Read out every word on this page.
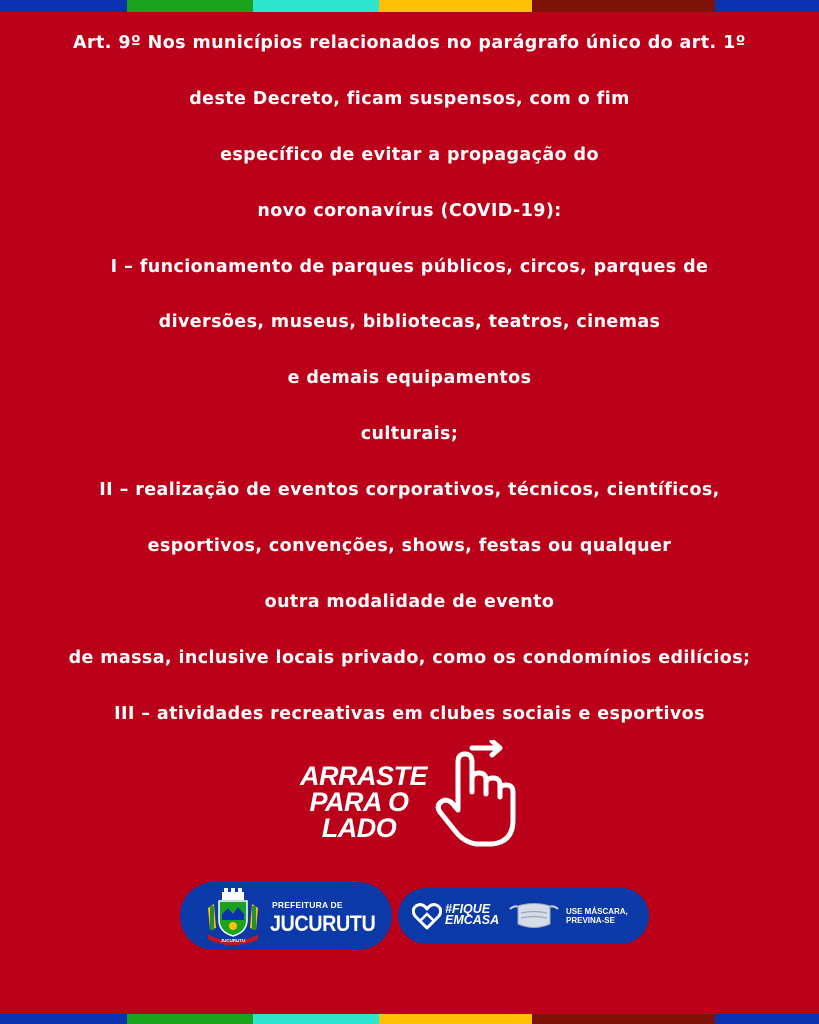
Art. 9º Nos municípios relacionados no parágrafo único do art. 1º
deste Decreto, ficam suspensos, com o fim
específico de evitar a propagação do
novo coronavírus (COVID-19):
I – funcionamento de parques públicos, circos, parques de
diversões, museus, bibliotecas, teatros, cinemas
e demais equipamentos
culturais;
II – realização de eventos corporativos, técnicos, científicos,
esportivos, convenções, shows, festas ou qualquer
outra modalidade de evento
de massa, inclusive locais privado, como os condomínios edilícios;
III – atividades recreativas em clubes sociais e esportivos
ARRASTE
PARA O
LADO
JUCURUTU
PREFEITURA DE
JUCURUTU
#FIQUE
EMCASA
USE MÁSCARA,
PREVINA-SE
